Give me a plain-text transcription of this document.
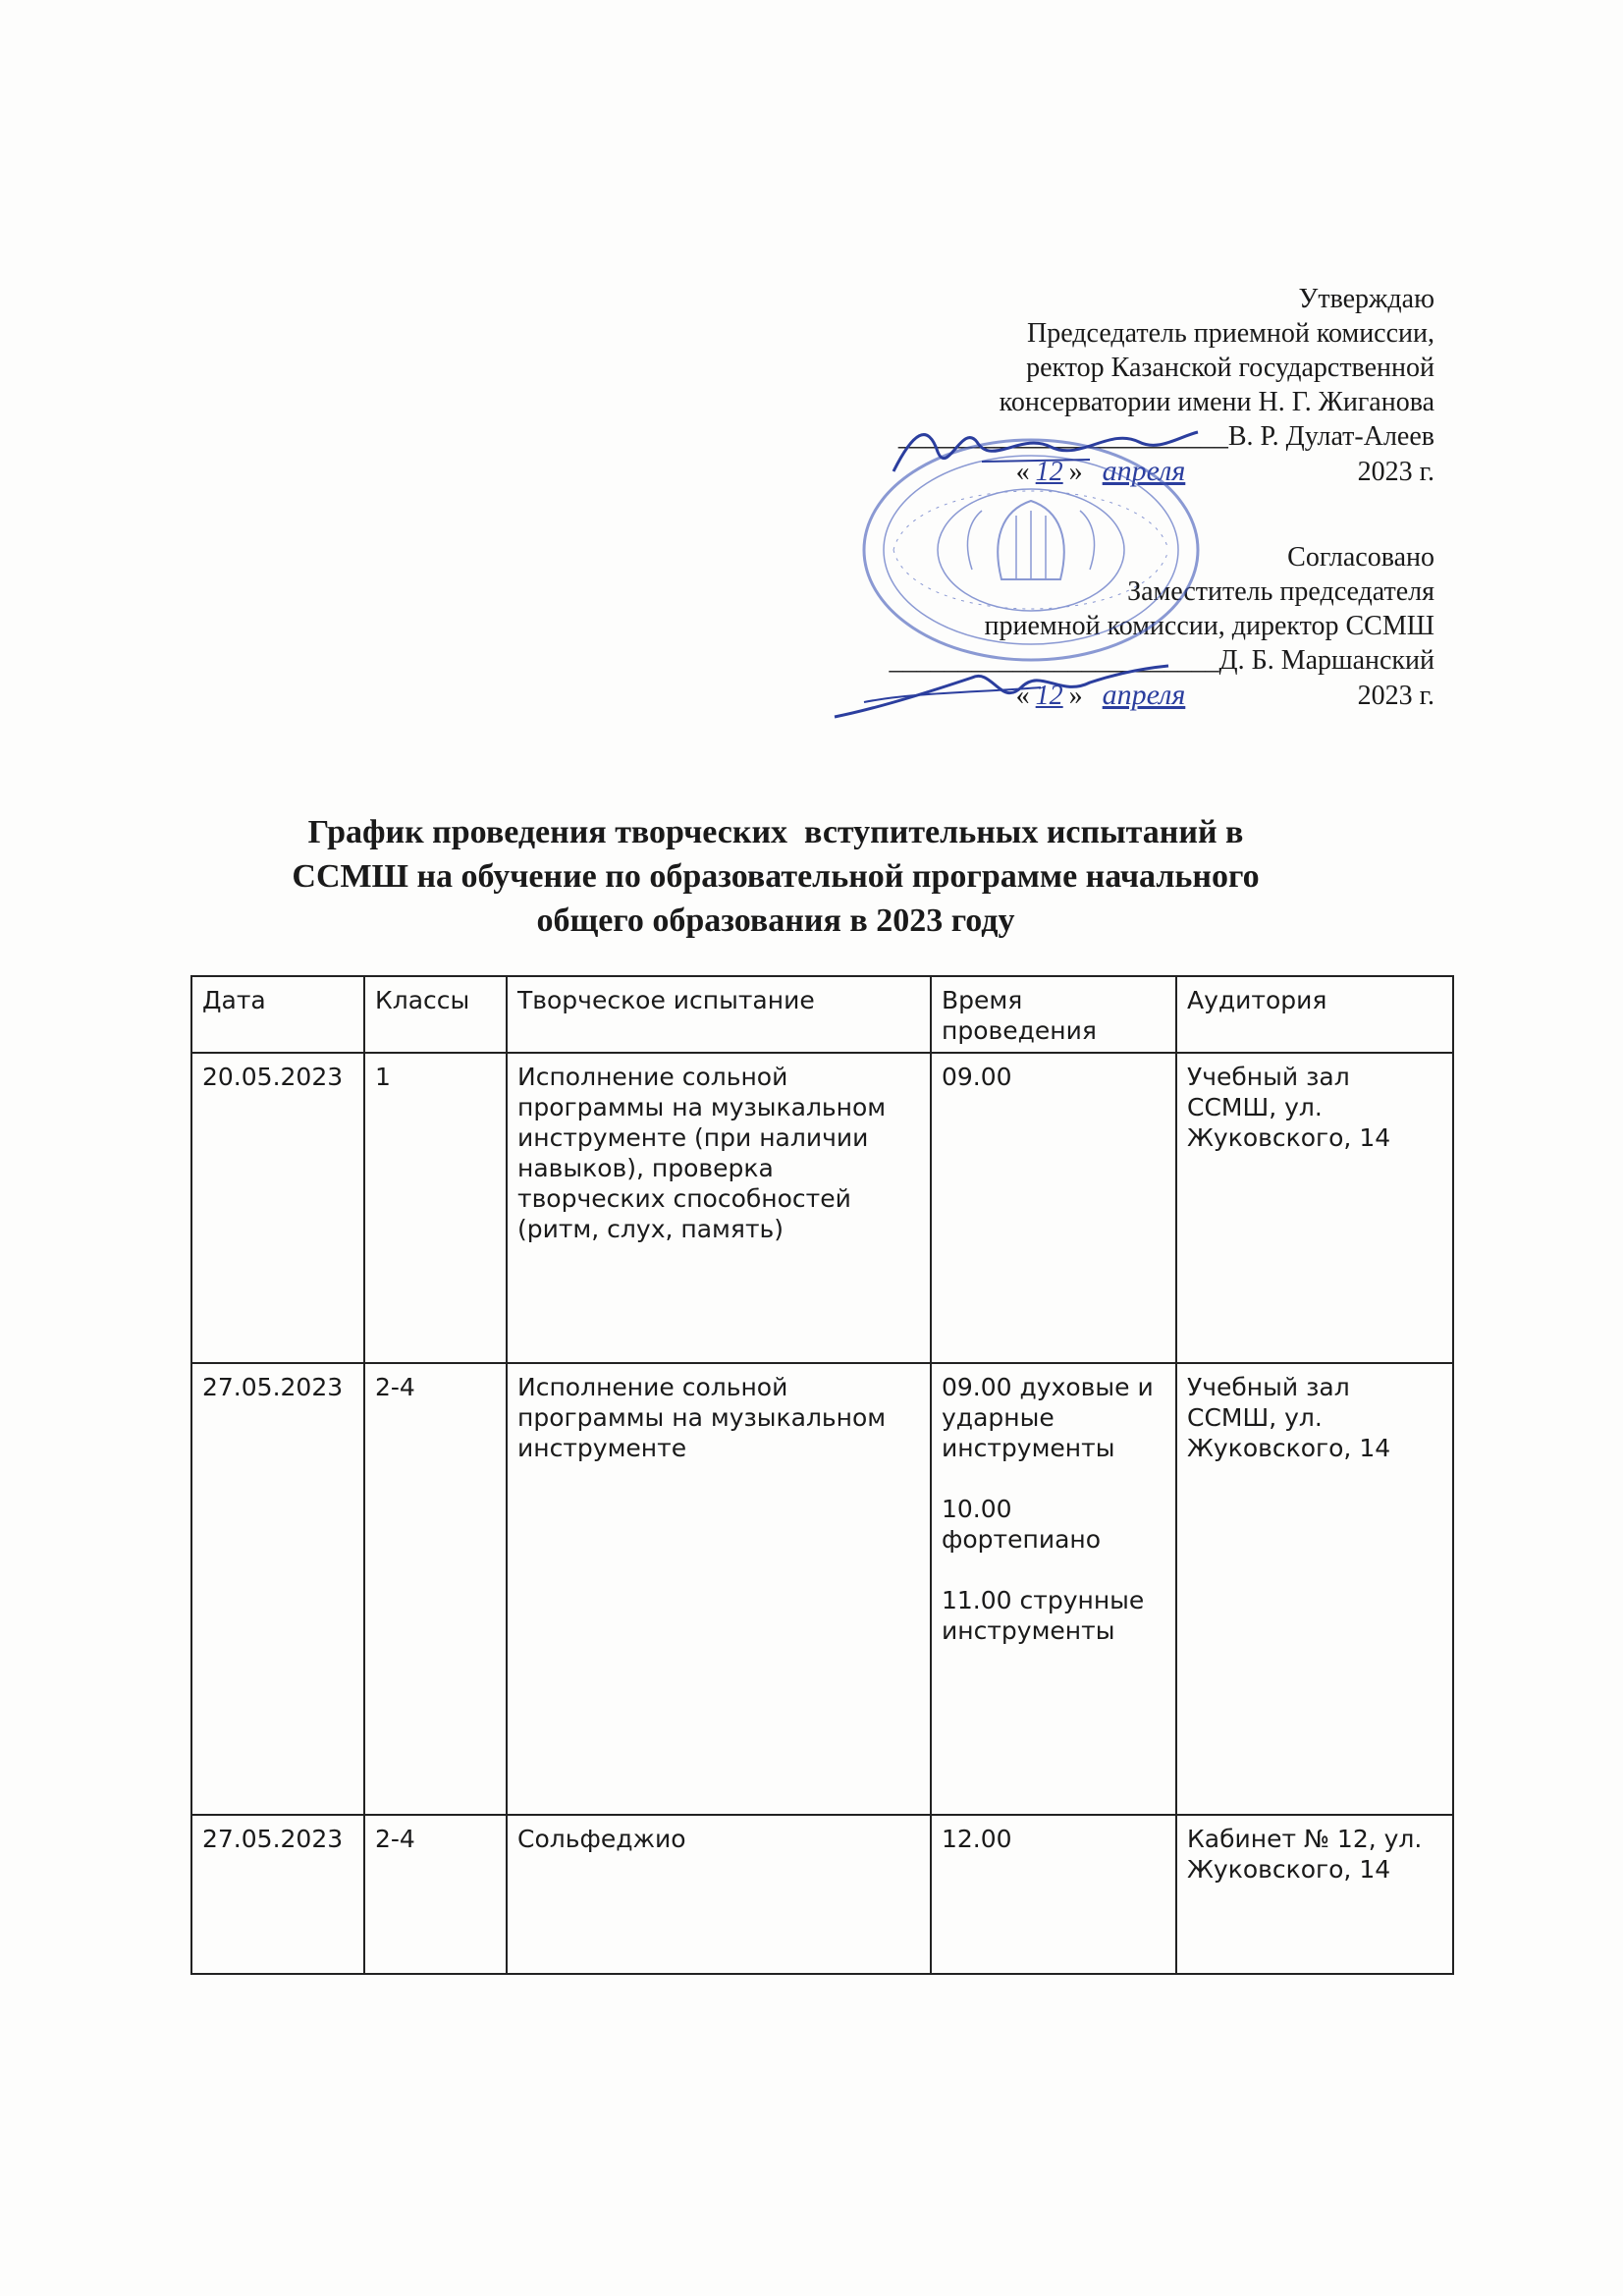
Утверждаю
Председатель приемной комиссии,
ректор Казанской государственной
консерватории имени Н. Г. Жиганова
________________________В. Р. Дулат-Алеев
« 12 » апреля	2023 г.
Согласовано
Заместитель председателя
приемной комиссии, директор ССМШ
________________________Д. Б. Маршанский
« 12 » апреля	2023 г.
График проведения творческих  вступительных испытаний в
ССМШ на обучение по образовательной программе начального
общего образования в 2023 году
Дата	Классы	Творческое испытание	Время проведения	Аудитория
20.05.2023	1	Исполнение сольной программы на музыкальном инструменте (при наличии навыков), проверка творческих способностей (ритм, слух, память)	09.00	Учебный зал ССМШ, ул. Жуковского, 14
27.05.2023	2-4	Исполнение сольной программы на музыкальном инструменте	09.00 духовые и ударные инструменты
10.00 фортепиано
11.00 струнные инструменты	Учебный зал ССМШ, ул. Жуковского, 14
27.05.2023	2-4	Сольфеджио	12.00	Кабинет № 12, ул. Жуковского, 14
